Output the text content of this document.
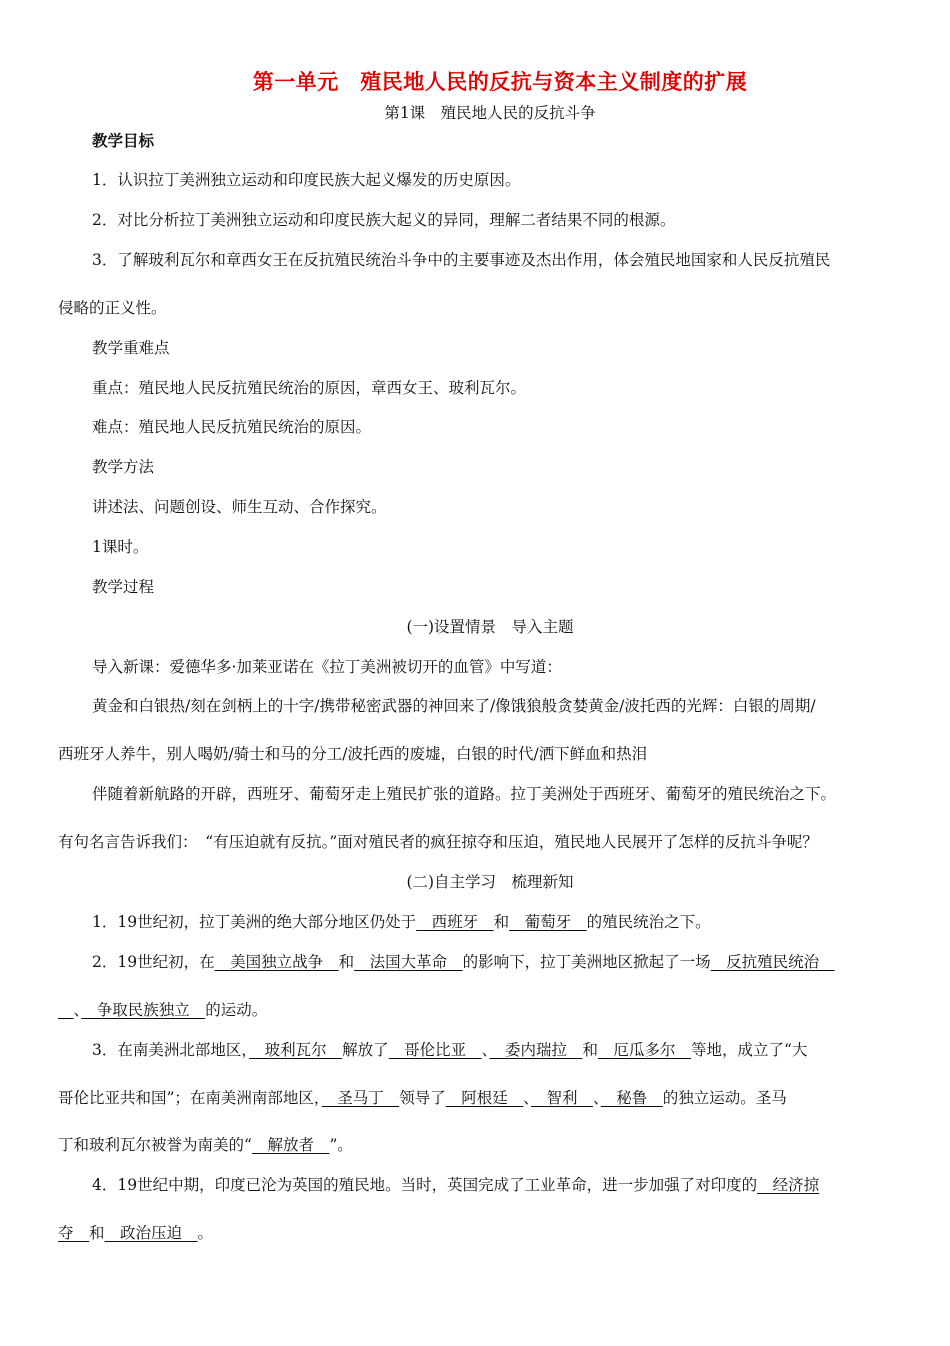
第一单元　殖民地人民的反抗与资本主义制度的扩展
第1课　殖民地人民的反抗斗争
教学目标
1．认识拉丁美洲独立运动和印度民族大起义爆发的历史原因。
2．对比分析拉丁美洲独立运动和印度民族大起义的异同，理解二者结果不同的根源。
3．了解玻利瓦尔和章西女王在反抗殖民统治斗争中的主要事迹及杰出作用，体会殖民地国家和人民反抗殖民
侵略的正义性。
教学重难点
重点：殖民地人民反抗殖民统治的原因，章西女王、玻利瓦尔。
难点：殖民地人民反抗殖民统治的原因。
教学方法
讲述法、问题创设、师生互动、合作探究。
1课时。
教学过程
(一)设置情景　导入主题
导入新课：爱德华多·加莱亚诺在《拉丁美洲被切开的血管》中写道：
黄金和白银热/刻在剑柄上的十字/携带秘密武器的神回来了/像饿狼般贪婪黄金/波托西的光辉：白银的周期/
西班牙人养牛，别人喝奶/骑士和马的分工/波托西的废墟，白银的时代/洒下鲜血和热泪
伴随着新航路的开辟，西班牙、葡萄牙走上殖民扩张的道路。拉丁美洲处于西班牙、葡萄牙的殖民统治之下。
有句名言告诉我们：　“有压迫就有反抗。”面对殖民者的疯狂掠夺和压迫，殖民地人民展开了怎样的反抗斗争呢？
(二)自主学习　梳理新知
1．19世纪初，拉丁美洲的绝大部分地区仍处于　西班牙　和　葡萄牙　的殖民统治之下。
2．19世纪初，在　美国独立战争　和　法国大革命　的影响下，拉丁美洲地区掀起了一场　反抗殖民统治　
　、　争取民族独立　的运动。
3．在南美洲北部地区，　玻利瓦尔　解放了　哥伦比亚　、　委内瑞拉　和　厄瓜多尔　等地，成立了“大
哥伦比亚共和国”；在南美洲南部地区，　圣马丁　领导了　阿根廷　、　智利　、　秘鲁　的独立运动。圣马
丁和玻利瓦尔被誉为南美的“　解放者　”。
4．19世纪中期，印度已沦为英国的殖民地。当时，英国完成了工业革命，进一步加强了对印度的　经济掠
夺　和　政治压迫　。
